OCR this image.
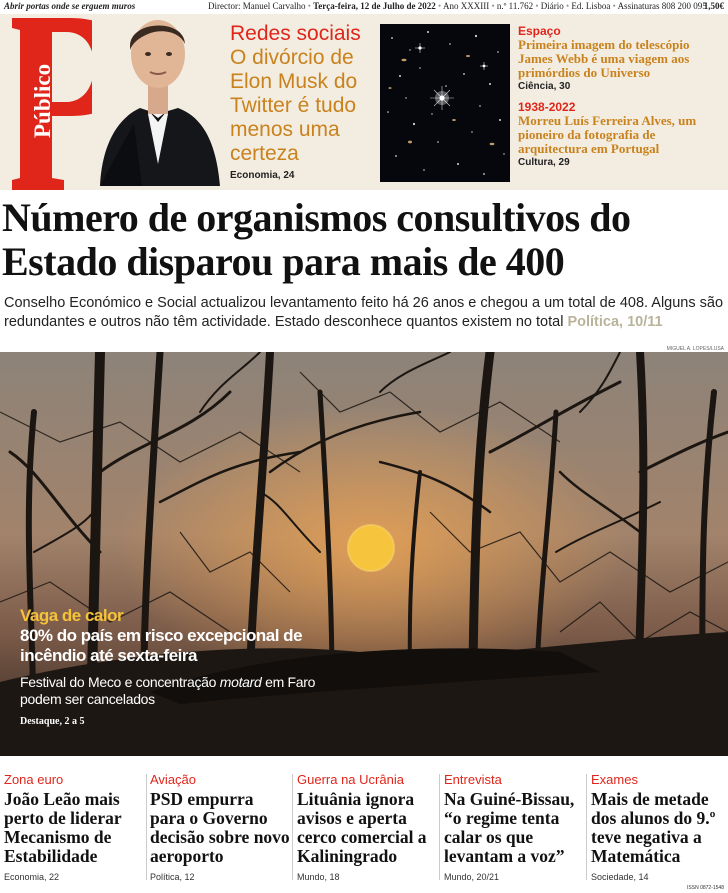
Abrir portas onde se erguem muros	Director: Manuel Carvalho • Terça-feira, 12 de Julho de 2022 • Ano XXXIII • n.º 11.762 • Diário • Ed. Lisboa • Assinaturas 808 200 095
1,50€
Público
Redes sociais
O divórcio de Elon Musk do Twitter é tudo menos uma certeza
Economia, 24
Espaço
Primeira imagem do telescópio James Webb é uma viagem aos primórdios do Universo
Ciência, 30
1938-2022
Morreu Luís Ferreira Alves, um pioneiro da fotografia de arquitectura em Portugal
Cultura, 29
Número de organismos consultivos do Estado disparou para mais de 400

Conselho Económico e Social actualizou levantamento feito há 26 anos e chegou a um total de 408. Alguns são redundantes e outros não têm actividade. Estado desconhece quantos existem no total Política, 10/11

MIGUEL A. LOPES/LUSA
Vaga de calor
80% do país em risco excepcional de incêndio até sexta-feira
Festival do Meco e concentração motard em Faro podem ser cancelados
Destaque, 2 a 5
Zona euro
João Leão mais perto de liderar Mecanismo de Estabilidade
Economia, 22
Aviação
PSD empurra para o Governo decisão sobre novo aeroporto
Política, 12
Guerra na Ucrânia
Lituânia ignora avisos e aperta cerco comercial a Kaliningrado
Mundo, 18
Entrevista
Na Guiné-Bissau, “o regime tenta calar os que levantam a voz”
Mundo, 20/21
Exames
Mais de metade dos alunos do 9.º teve negativa a Matemática
Sociedade, 14
ISSN 0872-1548
